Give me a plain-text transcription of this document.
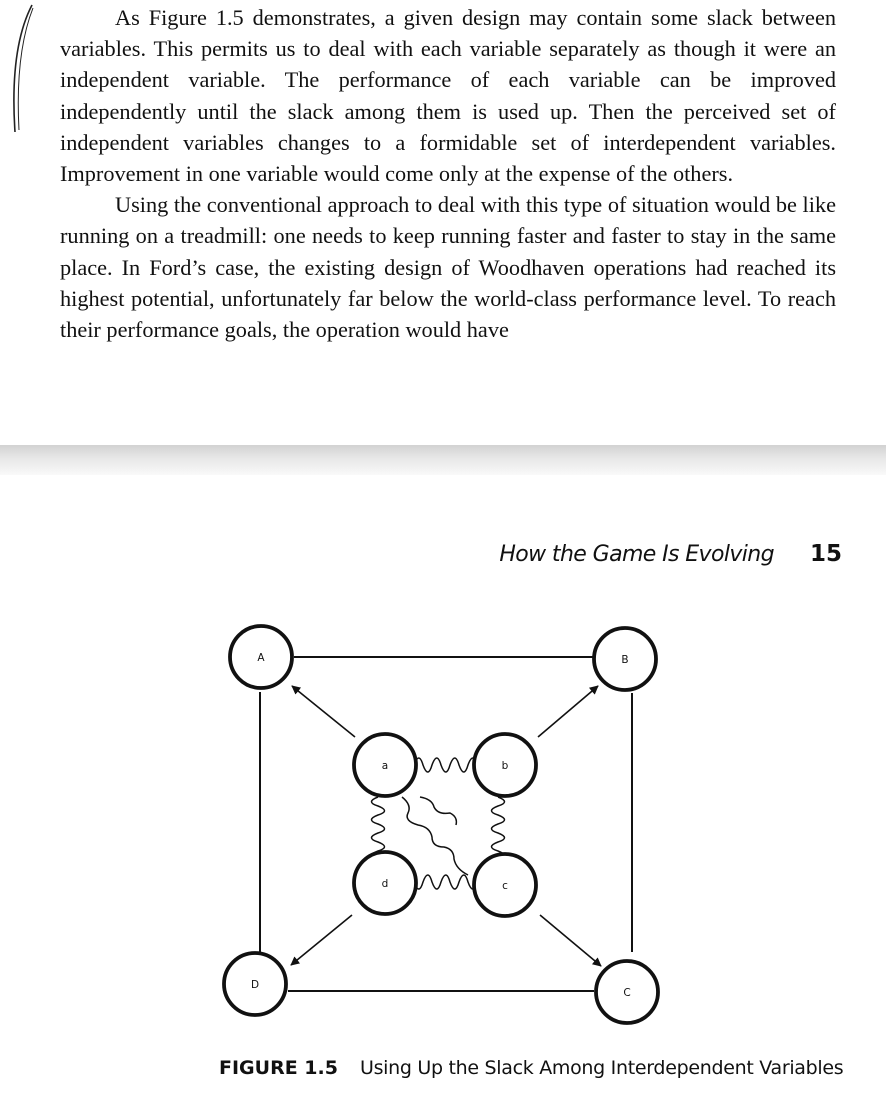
As Figure 1.5 demonstrates, a given design may contain some slack between variables. This permits us to deal with each variable separately as though it were an independent variable. The performance of each variable can be improved independently until the slack among them is used up. Then the perceived set of independent variables changes to a formidable set of interdependent variables. Improvement in one variable would come only at the expense of the others.

Using the conventional approach to deal with this type of situation would be like running on a treadmill: one needs to keep running faster and faster to stay in the same place. In Ford’s case, the existing design of Woodhaven operations had reached its highest potential, unfortunately far below the world-class performance level. To reach their performance goals, the operation would have

How the Game Is Evolving 15
A	B
C
D
a	b
c
d
FIGURE 1.5 Using Up the Slack Among Interdependent Variables
